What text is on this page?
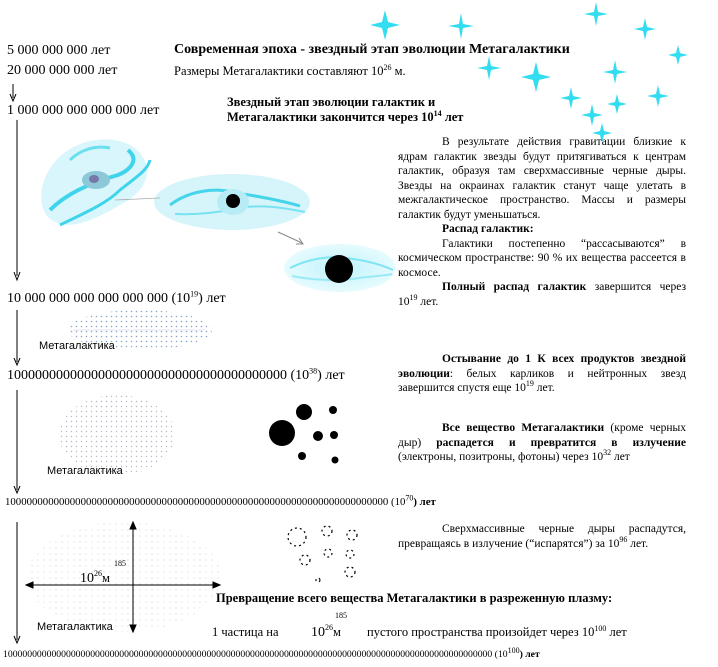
5 000 000 000 лет
20 000 000 000 лет
1 000 000 000 000 000 лет
10 000 000 000 000 000 000 $(10^{19})$ лет
1000000000000000000000000000000000000000 $(10^{38})$ лет
10000000000000000000000000000000000000000000000000000000000000000000000 $(10^{70})$ лет
10000000000000000000000000000000000000000000000000000000000000000000000000000000000000000000000000000 $(10^{100})$ лет
Современная эпоха - звездный этап эволюции Метагалактики
Размеры Метагалактики составляют $10^{26}$ м.
Звездный этап эволюции галактик и
Метагалактики закончится через $10^{14}$ лет

В результате действия гравитации близкие к ядрам галактик звезды будут притягиваться к центрам галактик, образуя там сверхмассивные черные дыры. Звезды на окраинах галактик станут чаще улетать в межгалактическое пространство. Массы и размеры галактик будут уменьшаться.

Распад галактик:

Галактики постепенно “рассасываются” в космическом пространстве: 90 % их вещества рассеется в космосе.

Полный распад галактик завершится через $10^{19}$ лет.

Остывание до 1 К всех продуктов звездной эволюции: белых карликов и нейтронных звезд завершится спустя еще $10^{19}$ лет.

Все вещество Метагалактики (кроме черных дыр) распадется и превратится в излучение (электроны, позитроны, фотоны) через $10^{32}$ лет

Сверхмассивные черные дыры распадутся, превращаясь в излучение (“испарятся”) за $10^{96}$ лет.

Превращение всего вещества Метагалактики в разреженную плазму:
1 частица на $10^{26}м$
185
пустого пространства произойдет через $10^{100}$ лет
Метагалактика
Метагалактика
Метагалактика
$10^{26}м$
185
